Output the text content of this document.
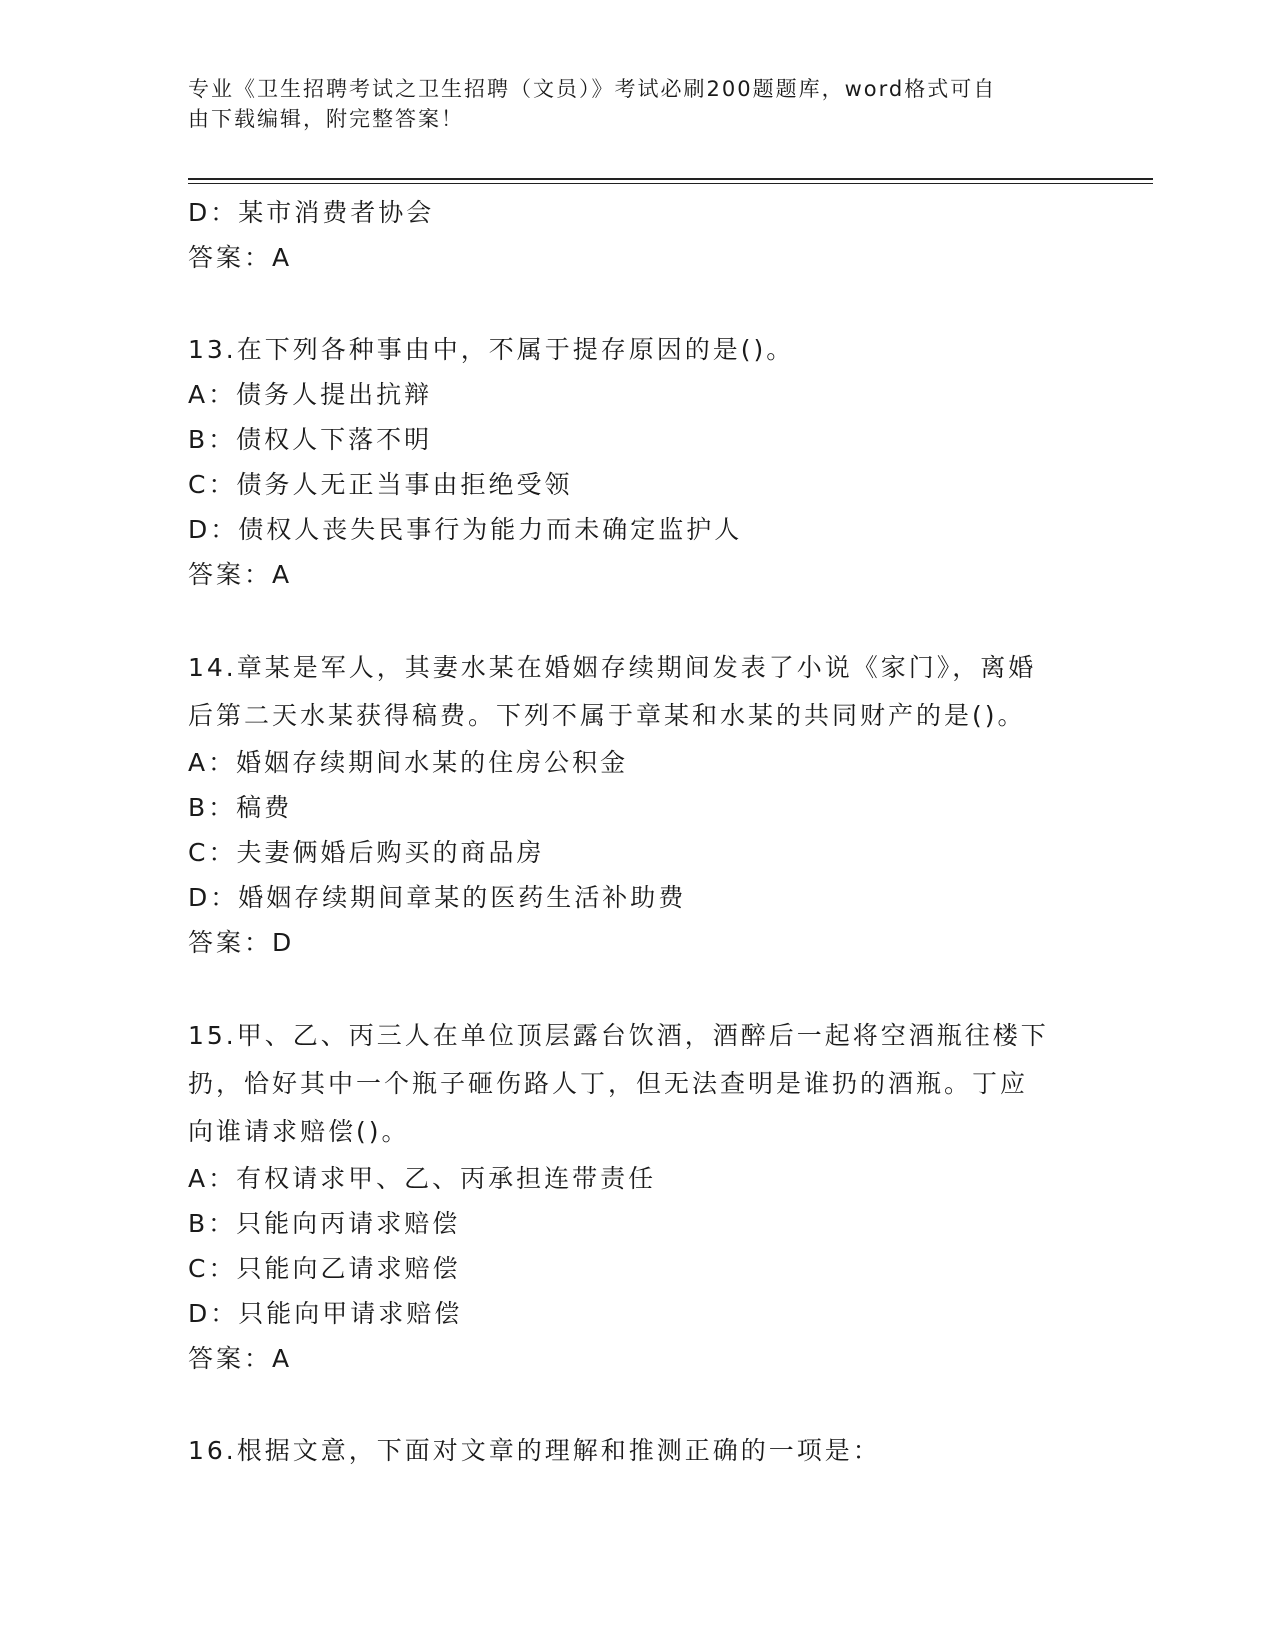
专业《卫生招聘考试之卫生招聘（文员）》考试必刷200题题库，word格式可自
由下载编辑，附完整答案！
D：某市消费者协会
答案：A
13.在下列各种事由中，不属于提存原因的是()。
A：债务人提出抗辩
B：债权人下落不明
C：债务人无正当事由拒绝受领
D：债权人丧失民事行为能力而未确定监护人
答案：A
14.章某是军人，其妻水某在婚姻存续期间发表了小说《家门》，离婚
后第二天水某获得稿费。下列不属于章某和水某的共同财产的是()。
A：婚姻存续期间水某的住房公积金
B：稿费
C：夫妻俩婚后购买的商品房
D：婚姻存续期间章某的医药生活补助费
答案：D
15.甲、乙、丙三人在单位顶层露台饮酒，酒醉后一起将空酒瓶往楼下
扔，恰好其中一个瓶子砸伤路人丁，但无法查明是谁扔的酒瓶。丁应
向谁请求赔偿()。
A：有权请求甲、乙、丙承担连带责任
B：只能向丙请求赔偿
C：只能向乙请求赔偿
D：只能向甲请求赔偿
答案：A
16.根据文意，下面对文章的理解和推测正确的一项是：
